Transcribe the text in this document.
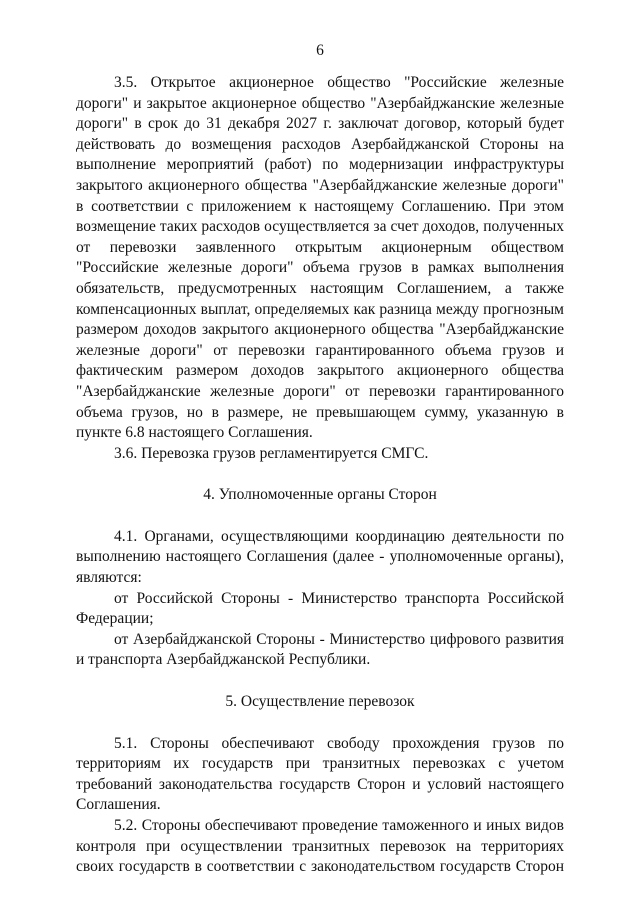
6

3.5. Открытое акционерное общество "Российские железные дороги" и закрытое акционерное общество "Азербайджанские железные дороги" в срок до 31 декабря 2027 г. заключат договор, который будет действовать до возмещения расходов Азербайджанской Стороны на выполнение мероприятий (работ) по модернизации инфраструктуры закрытого акционерного общества "Азербайджанские железные дороги" в соответствии с приложением к настоящему Соглашению. При этом возмещение таких расходов осуществляется за счет доходов, полученных от перевозки заявленного открытым акционерным обществом "Российские железные дороги" объема грузов в рамках выполнения обязательств, предусмотренных настоящим Соглашением, а также компенсационных выплат, определяемых как разница между прогнозным размером доходов закрытого акционерного общества "Азербайджанские железные дороги" от перевозки гарантированного объема грузов и фактическим размером доходов закрытого акционерного общества "Азербайджанские железные дороги" от перевозки гарантированного объема грузов, но в размере, не превышающем сумму, указанную в пункте 6.8 настоящего Соглашения.

3.6. Перевозка грузов регламентируется СМГС.

4. Уполномоченные органы Сторон

4.1. Органами, осуществляющими координацию деятельности по выполнению настоящего Соглашения (далее - уполномоченные органы), являются:

от Российской Стороны - Министерство транспорта Российской Федерации;

от Азербайджанской Стороны - Министерство цифрового развития и транспорта Азербайджанской Республики.

5. Осуществление перевозок

5.1. Стороны обеспечивают свободу прохождения грузов по территориям их государств при транзитных перевозках с учетом требований законодательства государств Сторон и условий настоящего Соглашения.

5.2. Стороны обеспечивают проведение таможенного и иных видов контроля при осуществлении транзитных перевозок на территориях своих государств в соответствии с законодательством государств Сторон
